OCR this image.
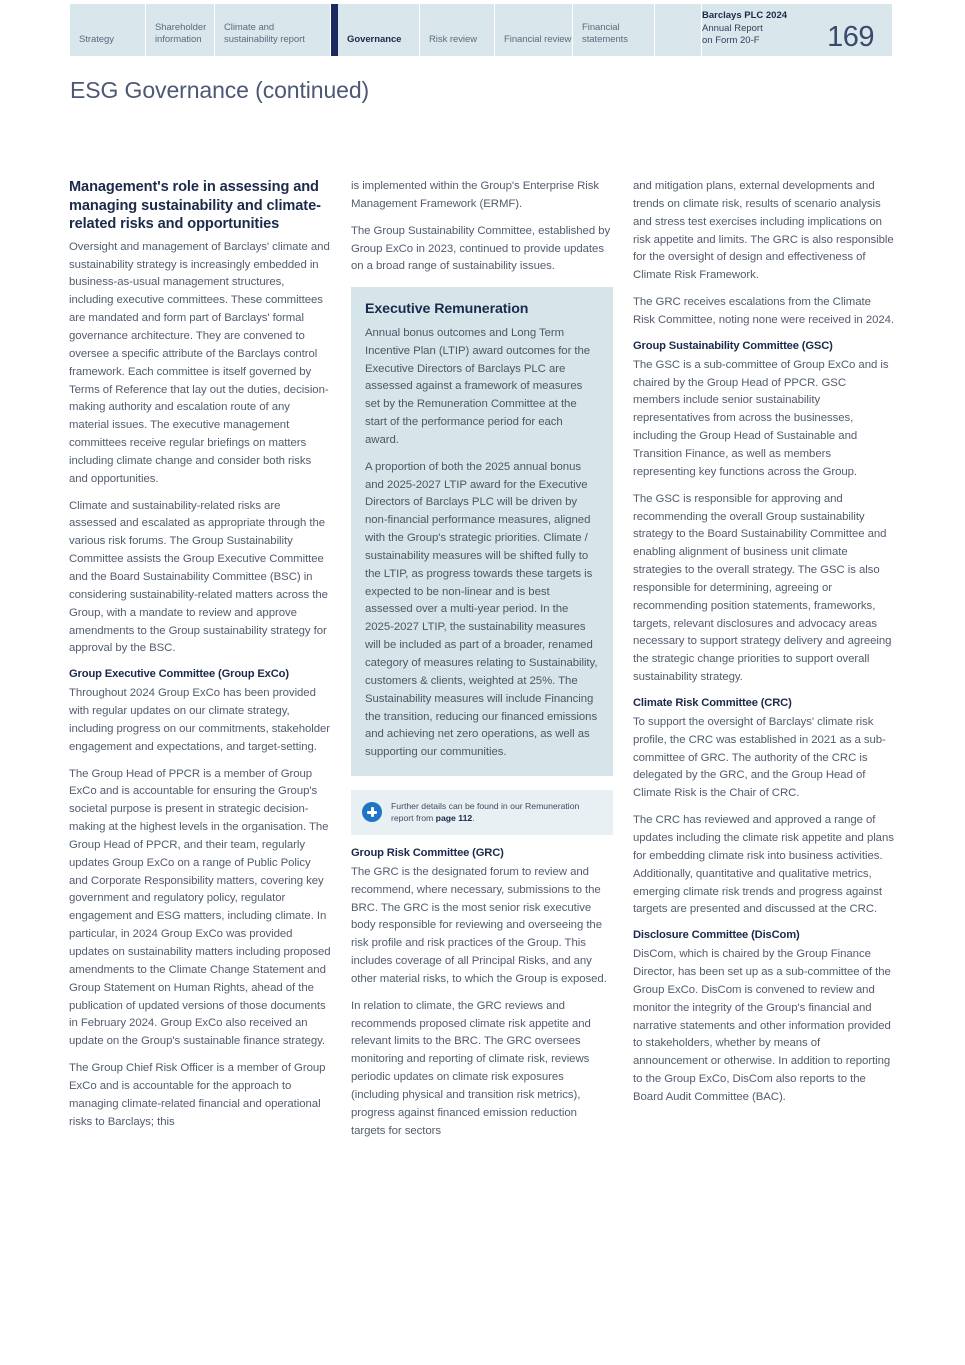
Strategy
Shareholder information
Climate and sustainability report	Governance	Risk review	Financial review
Financial statements
Barclays PLC 2024
Annual Report
on Form 20-F	169
ESG Governance (continued)
Management's role in assessing and managing sustainability and climate-related risks and opportunities

Oversight and management of Barclays' climate and sustainability strategy is increasingly embedded in business-as-usual management structures, including executive committees. These committees are mandated and form part of Barclays' formal governance architecture. They are convened to oversee a specific attribute of the Barclays control framework. Each committee is itself governed by Terms of Reference that lay out the duties, decision-making authority and escalation route of any material issues. The executive management committees receive regular briefings on matters including climate change and consider both risks and opportunities.

Climate and sustainability-related risks are assessed and escalated as appropriate through the various risk forums. The Group Sustainability Committee assists the Group Executive Committee and the Board Sustainability Committee (BSC) in considering sustainability-related matters across the Group, with a mandate to review and approve amendments to the Group sustainability strategy for approval by the BSC.

Group Executive Committee (Group ExCo)

Throughout 2024 Group ExCo has been provided with regular updates on our climate strategy, including progress on our commitments, stakeholder engagement and expectations, and target-setting.

The Group Head of PPCR is a member of Group ExCo and is accountable for ensuring the Group's societal purpose is present in strategic decision-making at the highest levels in the organisation. The Group Head of PPCR, and their team, regularly updates Group ExCo on a range of Public Policy and Corporate Responsibility matters, covering key government and regulatory policy, regulator engagement and ESG matters, including climate. In particular, in 2024 Group ExCo was provided updates on sustainability matters including proposed amendments to the Climate Change Statement and Group Statement on Human Rights, ahead of the publication of updated versions of those documents in February 2024. Group ExCo also received an update on the Group's sustainable finance strategy.

The Group Chief Risk Officer is a member of Group ExCo and is accountable for the approach to managing climate-related financial and operational risks to Barclays; this

is implemented within the Group's Enterprise Risk Management Framework (ERMF).

The Group Sustainability Committee, established by Group ExCo in 2023, continued to provide updates on a broad range of sustainability issues.

Executive Remuneration

Annual bonus outcomes and Long Term Incentive Plan (LTIP) award outcomes for the Executive Directors of Barclays PLC are assessed against a framework of measures set by the Remuneration Committee at the start of the performance period for each award.

A proportion of both the 2025 annual bonus and 2025-2027 LTIP award for the Executive Directors of Barclays PLC will be driven by non-financial performance measures, aligned with the Group's strategic priorities. Climate / sustainability measures will be shifted fully to the LTIP, as progress towards these targets is expected to be non-linear and is best assessed over a multi-year period. In the 2025-2027 LTIP, the sustainability measures will be included as part of a broader, renamed category of measures relating to Sustainability, customers & clients, weighted at 25%. The Sustainability measures will include Financing the transition, reducing our financed emissions and achieving net zero operations, as well as supporting our communities.

Further details can be found in our Remuneration report from page 112.
Group Risk Committee (GRC)

The GRC is the designated forum to review and recommend, where necessary, submissions to the BRC. The GRC is the most senior risk executive body responsible for reviewing and overseeing the risk profile and risk practices of the Group. This includes coverage of all Principal Risks, and any other material risks, to which the Group is exposed.

In relation to climate, the GRC reviews and recommends proposed climate risk appetite and relevant limits to the BRC. The GRC oversees monitoring and reporting of climate risk, reviews periodic updates on climate risk exposures (including physical and transition risk metrics), progress against financed emission reduction targets for sectors

and mitigation plans, external developments and trends on climate risk, results of scenario analysis and stress test exercises including implications on risk appetite and limits. The GRC is also responsible for the oversight of design and effectiveness of Climate Risk Framework.

The GRC receives escalations from the Climate Risk Committee, noting none were received in 2024.

Group Sustainability Committee (GSC)

The GSC is a sub-committee of Group ExCo and is chaired by the Group Head of PPCR. GSC members include senior sustainability representatives from across the businesses, including the Group Head of Sustainable and Transition Finance, as well as members representing key functions across the Group.

The GSC is responsible for approving and recommending the overall Group sustainability strategy to the Board Sustainability Committee and enabling alignment of business unit climate strategies to the overall strategy. The GSC is also responsible for determining, agreeing or recommending position statements, frameworks, targets, relevant disclosures and advocacy areas necessary to support strategy delivery and agreeing the strategic change priorities to support overall sustainability strategy.

Climate Risk Committee (CRC)

To support the oversight of Barclays' climate risk profile, the CRC was established in 2021 as a sub-committee of GRC. The authority of the CRC is delegated by the GRC, and the Group Head of Climate Risk is the Chair of CRC.

The CRC has reviewed and approved a range of updates including the climate risk appetite and plans for embedding climate risk into business activities. Additionally, quantitative and qualitative metrics, emerging climate risk trends and progress against targets are presented and discussed at the CRC.

Disclosure Committee (DisCom)

DisCom, which is chaired by the Group Finance Director, has been set up as a sub-committee of the Group ExCo. DisCom is convened to review and monitor the integrity of the Group's financial and narrative statements and other information provided to stakeholders, whether by means of announcement or otherwise. In addition to reporting to the Group ExCo, DisCom also reports to the Board Audit Committee (BAC).
